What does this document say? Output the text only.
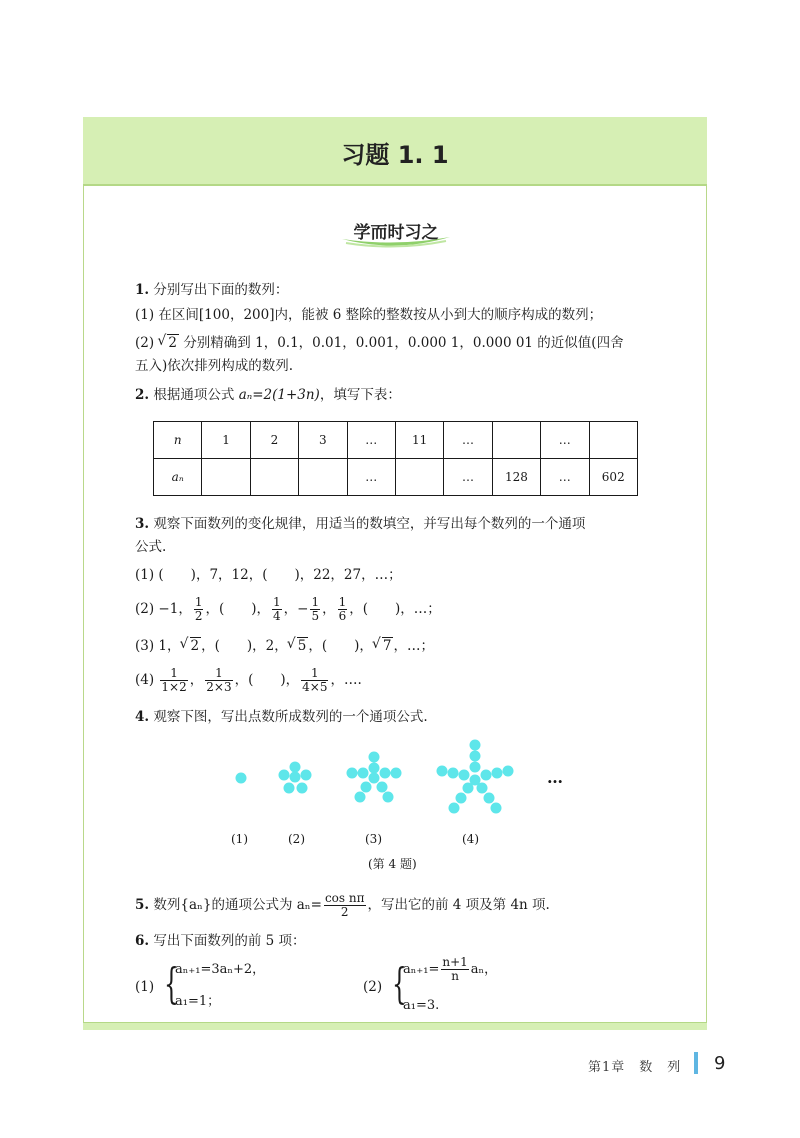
习题 1. 1
学而时习之
1. 分别写出下面的数列：
(1) 在区间[100，200]内，能被 6 整除的整数按从小到大的顺序构成的数列；
(2) √ 2 分别精确到 1，0.1，0.01，0.001，0.000 1，0.000 01 的近似值(四舍
五入)依次排列构成的数列.
2. 根据通项公式 aₙ=2(1+3n)，填写下表：
n	1	2	3	…	11	…		…	
aₙ				…		…	128	…	602
3. 观察下面数列的变化规律，用适当的数填空，并写出每个数列的一个通项
公式.
(1) (　　)，7，12，(　　)，22，27，…；
(2) −1， $\frac{1}{2}$ ，(　　)， $\frac{1}{4}$ ，− $\frac{1}{5}$ ， $\frac{1}{6}$ ，(　　)，…；
(3) 1， √ 2 ，(　　)，2， √ 5 ，(　　)， √ 7 ，…；
$(4) \frac{1}{1\times 2}$ ， $\frac{1}{2\times 3}$ ，(　　)， $\frac{1}{4\times 5}$ ，….
4. 观察下图，写出点数所成数列的一个通项公式.
…
(1)	(2)	(3)	(4)
(第 4 题)
5. 数列{aₙ}的通项公式为 $a_n= \frac{\text{cos nπ}}{2}$ ，写出它的前 4 项及第 4n 项.
6. 写出下面数列的前 5 项：
(1) {
aₙ₊₁=3aₙ+2，
a₁=1；
(2) {
$a_{n+1}= \frac{n+1}{n}$ aₙ，
a₁=3.
第1章　数　列 9
